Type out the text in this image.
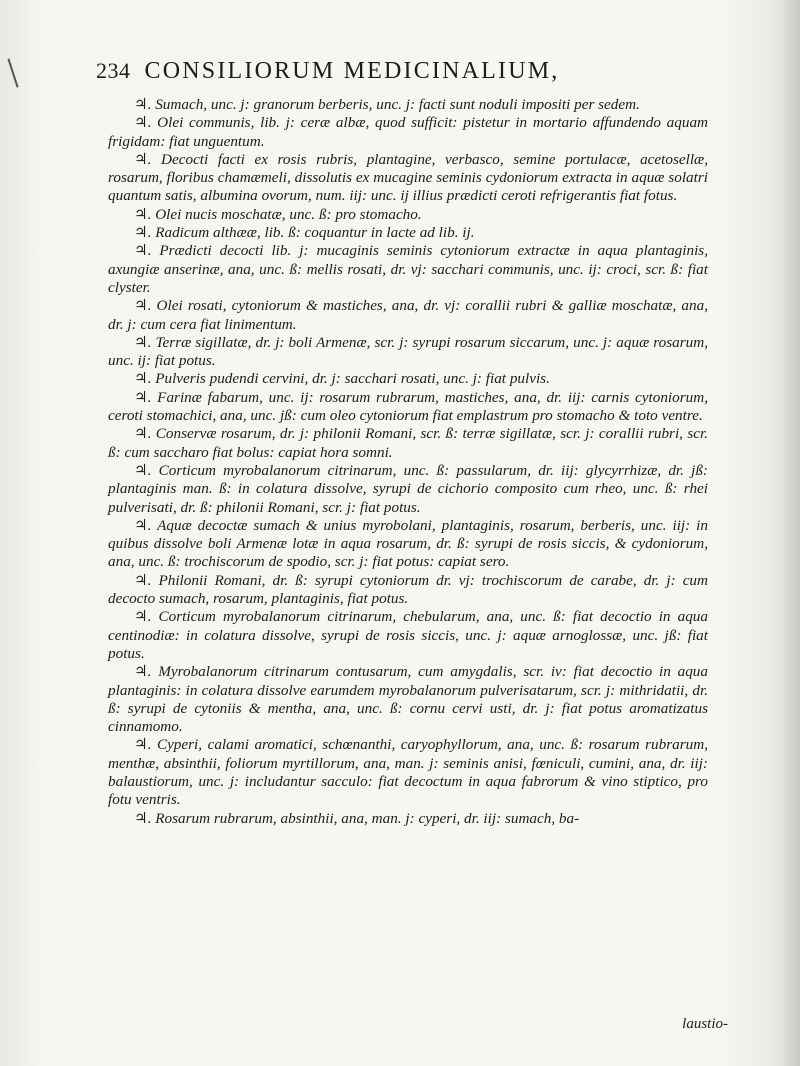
234 CONSILIORUM MEDICINALIUM,

♃. Sumach, unc. j: granorum berberis, unc. j: facti sunt noduli impositi per sedem.

♃. Olei communis, lib. j: ceræ albæ, quod sufficit: pistetur in mortario affundendo aquam frigidam: fiat unguentum.

♃. Decocti facti ex rosis rubris, plantagine, verbasco, semine portulacæ, acetosellæ, rosarum, floribus chamæmeli, dissolutis ex mucagine seminis cydoniorum extracta in aquæ solatri quantum satis, albumina ovorum, num. iij: unc. ij illius prædicti ceroti refrigerantis fiat fotus.

♃. Olei nucis moschatæ, unc. ß: pro stomacho.

♃. Radicum althææ, lib. ß: coquantur in lacte ad lib. ij.

♃. Prædicti decocti lib. j: mucaginis seminis cytoniorum extractæ in aqua plantaginis, axungiæ anserinæ, ana, unc. ß: mellis rosati, dr. vj: sacchari communis, unc. ij: croci, scr. ß: fiat clyster.

♃. Olei rosati, cytoniorum & mastiches, ana, dr. vj: corallii rubri & galliæ moschatæ, ana, dr. j: cum cera fiat linimentum.

♃. Terræ sigillatæ, dr. j: boli Armenæ, scr. j: syrupi rosarum siccarum, unc. j: aquæ rosarum, unc. ij: fiat potus.

♃. Pulveris pudendi cervini, dr. j: sacchari rosati, unc. j: fiat pulvis.

♃. Farinæ fabarum, unc. ij: rosarum rubrarum, mastiches, ana, dr. iij: carnis cytoniorum, ceroti stomachici, ana, unc. jß: cum oleo cytoniorum fiat emplastrum pro stomacho & toto ventre.

♃. Conservæ rosarum, dr. j: philonii Romani, scr. ß: terræ sigillatæ, scr. j: corallii rubri, scr. ß: cum saccharo fiat bolus: capiat hora somni.

♃. Corticum myrobalanorum citrinarum, unc. ß: passularum, dr. iij: glycyrrhizæ, dr. jß: plantaginis man. ß: in colatura dissolve, syrupi de cichorio composito cum rheo, unc. ß: rhei pulverisati, dr. ß: philonii Romani, scr. j: fiat potus.

♃. Aquæ decoctæ sumach & unius myrobolani, plantaginis, rosarum, berberis, unc. iij: in quibus dissolve boli Armenæ lotæ in aqua rosarum, dr. ß: syrupi de rosis siccis, & cydoniorum, ana, unc. ß: trochiscorum de spodio, scr. j: fiat potus: capiat sero.

♃. Philonii Romani, dr. ß: syrupi cytoniorum dr. vj: trochiscorum de carabe, dr. j: cum decocto sumach, rosarum, plantaginis, fiat potus.

♃. Corticum myrobalanorum citrinarum, chebularum, ana, unc. ß: fiat decoctio in aqua centinodiæ: in colatura dissolve, syrupi de rosis siccis, unc. j: aquæ arnoglossæ, unc. jß: fiat potus.

♃. Myrobalanorum citrinarum contusarum, cum amygdalis, scr. iv: fiat decoctio in aqua plantaginis: in colatura dissolve earumdem myrobalanorum pulverisatarum, scr. j: mithridatii, dr. ß: syrupi de cytoniis & mentha, ana, unc. ß: cornu cervi usti, dr. j: fiat potus aromatizatus cinnamomo.

♃. Cyperi, calami aromatici, schœnanthi, caryophyllorum, ana, unc. ß: rosarum rubrarum, menthæ, absinthii, foliorum myrtillorum, ana, man. j: seminis anisi, fœniculi, cumini, ana, dr. iij: balaustiorum, unc. j: includantur sacculo: fiat decoctum in aqua fabrorum & vino stiptico, pro fotu ventris.

♃. Rosarum rubrarum, absinthii, ana, man. j: cyperi, dr. iij: sumach, ba-

laustio-
